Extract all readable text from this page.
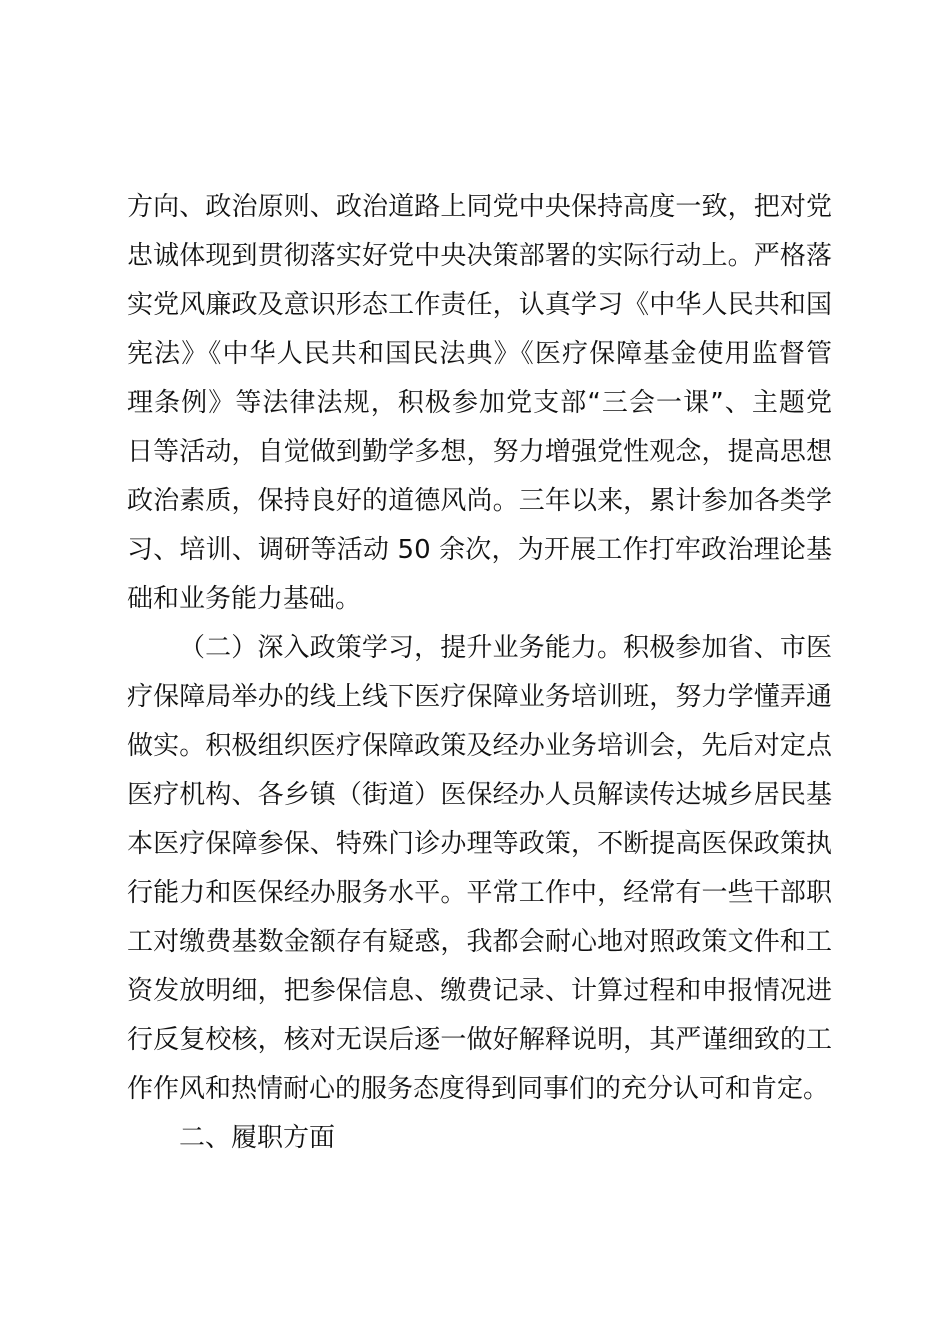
方向、政治原则、政治道路上同党中央保持高度一致，把对党
忠诚体现到贯彻落实好党中央决策部署的实际行动上。严格落
实党风廉政及意识形态工作责任，认真学习《中华人民共和国
宪法》《中华人民共和国民法典》《医疗保障基金使用监督管
理条例》等法律法规，积极参加党支部“三会一课”、主题党
日等活动，自觉做到勤学多想，努力增强党性观念，提高思想
政治素质，保持良好的道德风尚。三年以来，累计参加各类学
习、培训、调研等活动 50 余次，为开展工作打牢政治理论基
础和业务能力基础。
（二）深入政策学习，提升业务能力。积极参加省、市医
疗保障局举办的线上线下医疗保障业务培训班，努力学懂弄通
做实。积极组织医疗保障政策及经办业务培训会，先后对定点
医疗机构、各乡镇（街道）医保经办人员解读传达城乡居民基
本医疗保障参保、特殊门诊办理等政策，不断提高医保政策执
行能力和医保经办服务水平。平常工作中，经常有一些干部职
工对缴费基数金额存有疑惑，我都会耐心地对照政策文件和工
资发放明细，把参保信息、缴费记录、计算过程和申报情况进
行反复校核，核对无误后逐一做好解释说明，其严谨细致的工
作作风和热情耐心的服务态度得到同事们的充分认可和肯定。
二、履职方面
